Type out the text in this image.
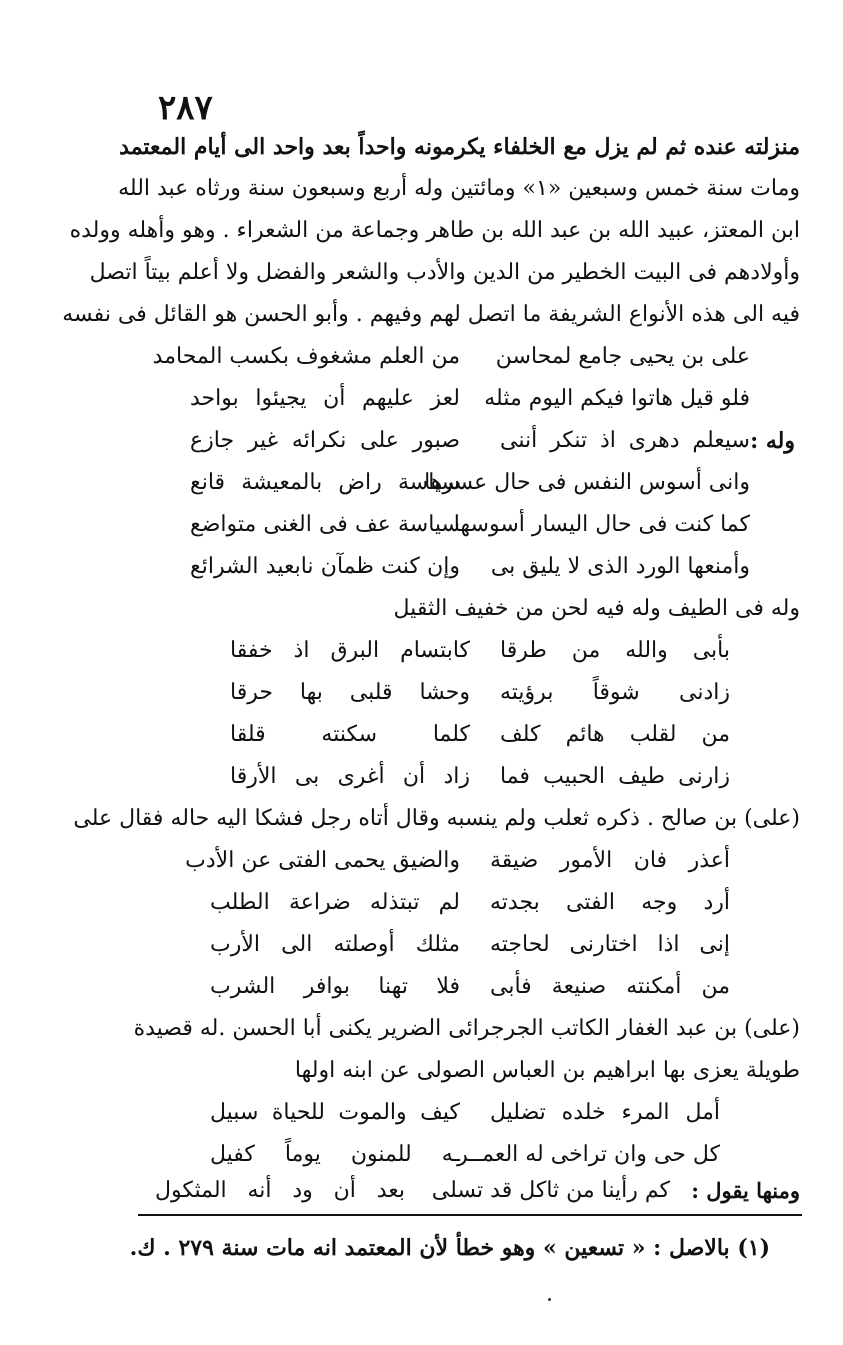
٢٨٧
منزلته عنده ثم لم يزل مع الخلفاء يكرمونه واحداً بعد واحد الى أيام المعتمد
ومات سنة خمس وسبعين «١» ومائتين وله أربع وسبعون سنة ورثاه عبد الله
ابن المعتز، عبيد الله بن عبد الله بن طاهر وجماعة من الشعراء . وهو وأهله وولده
وأولادهم فى البيت الخطير من الدين والأدب والشعر والفضل ولا أعلم بيتاً اتصل
فيه الى هذه الأنواع الشريفة ما اتصل لهم وفيهم . وأبو الحسن هو القائل فى نفسه
على بن يحيى جامع لمحاسن
من العلم مشغوف بكسب المحامد
فلو قيل هاتوا فيكم اليوم مثله
لعز عليهم أن يجيئوا بواحد
وله :
سيعلم دهرى اذ تنكر أننى
صبور على نكرائه غير جازع
وانى أسوس النفس فى حال عسرها
سياسة راض بالمعيشة قانع
كما كنت فى حال اليسار أسوسها
سياسة عف فى الغنى متواضع
وأمنعها الورد الذى لا يليق بى
وإن كنت ظمآن نابعيد الشرائع
وله فى الطيف وله فيه لحن من خفيف الثقيل
بأبى والله من طرقا
كابتسام البرق اذ خفقا
زادنى شوقاً برؤيته
وحشا قلبى بها حرقا
من لقلب هائم كلف
كلما سكنته قلقا
زارنى طيف الحبيب فما
زاد أن أغرى بى الأرقا
(على) بن صالح . ذكره ثعلب ولم ينسبه وقال أتاه رجل فشكا اليه حاله فقال على
أعذر فان الأمور ضيقة
والضيق يحمى الفتى عن الأدب
أرد وجه الفتى بجدته
لم تبتذله ضراعة الطلب
إنى اذا اختارنى لحاجته
مثلك أوصلته الى الأرب
من أمكنته صنيعة فأبى
فلا تهنا بوافر الشرب
(على) بن عبد الغفار الكاتب الجرجرائى الضرير يكنى أبا الحسن .له قصيدة
طويلة يعزى بها ابراهيم بن العباس الصولى عن ابنه اولها
أمل المرء خلده تضليل
كيف والموت للحياة سبيل
كل حى وان تراخى له العمــر
ـه للمنون يوماً كفيل
(١) بالاصل : « تسعين » وهو خطأ لأن المعتمد انه مات سنة ٢٧٩ . ك.
ومنها يقول :
كم رأينا من ثاكل قد تسلى
بعد أن ود أنه المثكول
